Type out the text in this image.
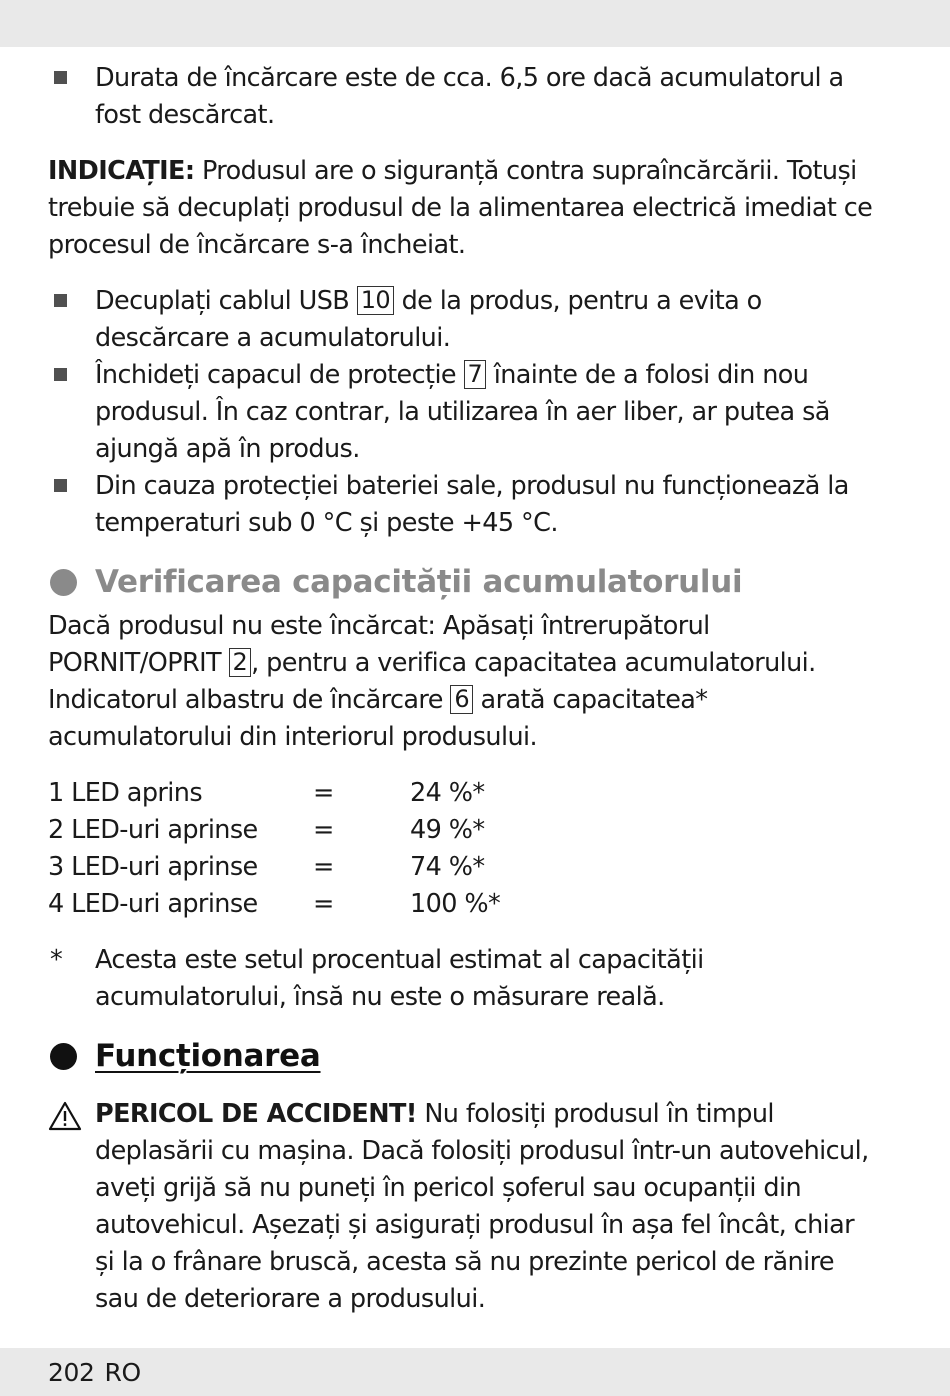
Durata de încărcare este de cca. 6,5 ore dacă acumulatorul a fost descărcat.

INDICAȚIE: Produsul are o siguranță contra supraîncărcării. Totuși trebuie să decuplați produsul de la alimentarea electrică imediat ce procesul de încărcare s-a încheiat.

Decuplați cablul USB 10 de la produs, pentru a evita o descărcare a acumulatorului.
Închideți capacul de protecție 7 înainte de a folosi din nou produsul. În caz contrar, la utilizarea în aer liber, ar putea să ajungă apă în produs.
Din cauza protecției bateriei sale, produsul nu funcționează la temperaturi sub 0 °C și peste +45 °C.
Verificarea capacității acumulatorului

Dacă produsul nu este încărcat: Apăsați întrerupătorul PORNIT/OPRIT 2 , pentru a verifica capacitatea acumulatorului. Indicatorul albastru de încărcare 6 arată capacitatea* acumulatorului din interiorul produsului.

1 LED aprins	=	24 %*
2 LED-uri aprinse	=	49 %*
3 LED-uri aprinse	=	74 %*
4 LED-uri aprinse	=	100 %*
* Acesta este setul procentual estimat al capacității acumulatorului, însă nu este o măsurare reală.
Funcționarea
PERICOL DE ACCIDENT! Nu folosiți produsul în timpul deplasării cu mașina. Dacă folosiți produsul într-un autovehicul, aveți grijă să nu puneți în pericol șoferul sau ocupanții din autovehicul. Așezați și asigurați produsul în așa fel încât, chiar și la o frânare bruscă, acesta să nu prezinte pericol de rănire sau de deteriorare a produsului.
202 RO
